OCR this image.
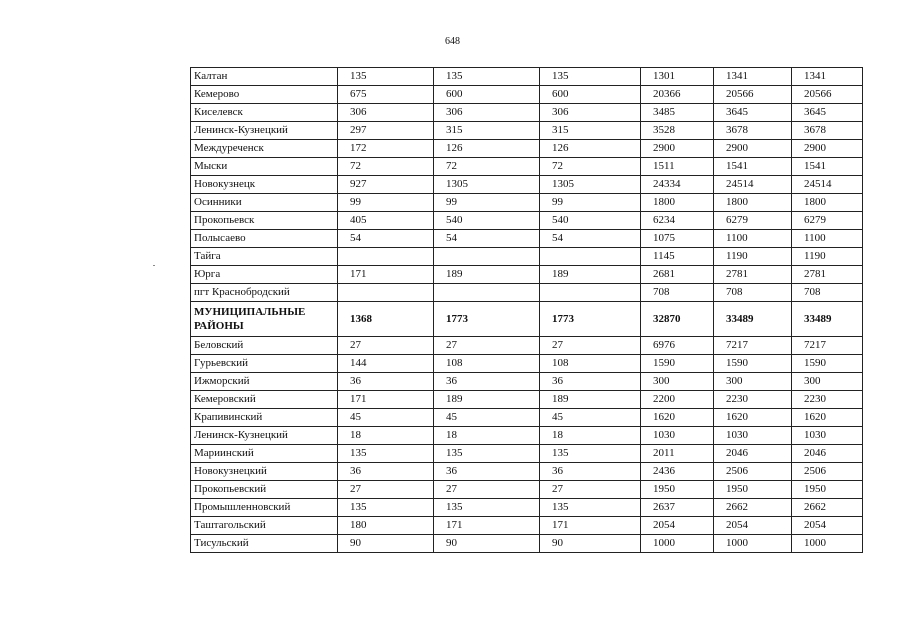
648
Калтан	135	135	135	1301	1341	1341
Кемерово	675	600	600	20366	20566	20566
Киселевск	306	306	306	3485	3645	3645
Ленинск-Кузнецкий	297	315	315	3528	3678	3678
Междуреченск	172	126	126	2900	2900	2900
Мыски	72	72	72	1511	1541	1541
Новокузнецк	927	1305	1305	24334	24514	24514
Осинники	99	99	99	1800	1800	1800
Прокопьевск	405	540	540	6234	6279	6279
Полысаево	54	54	54	1075	1100	1100
Тайга				1145	1190	1190
Юрга	171	189	189	2681	2781	2781
пгт Краснобродский				708	708	708
МУНИЦИПАЛЬНЫЕ РАЙОНЫ	1368	1773	1773	32870	33489	33489
Беловский	27	27	27	6976	7217	7217
Гурьевский	144	108	108	1590	1590	1590
Ижморский	36	36	36	300	300	300
Кемеровский	171	189	189	2200	2230	2230
Крапивинский	45	45	45	1620	1620	1620
Ленинск-Кузнецкий	18	18	18	1030	1030	1030
Мариинский	135	135	135	2011	2046	2046
Новокузнецкий	36	36	36	2436	2506	2506
Прокопьевский	27	27	27	1950	1950	1950
Промышленновский	135	135	135	2637	2662	2662
Таштагольский	180	171	171	2054	2054	2054
Тисульский	90	90	90	1000	1000	1000
